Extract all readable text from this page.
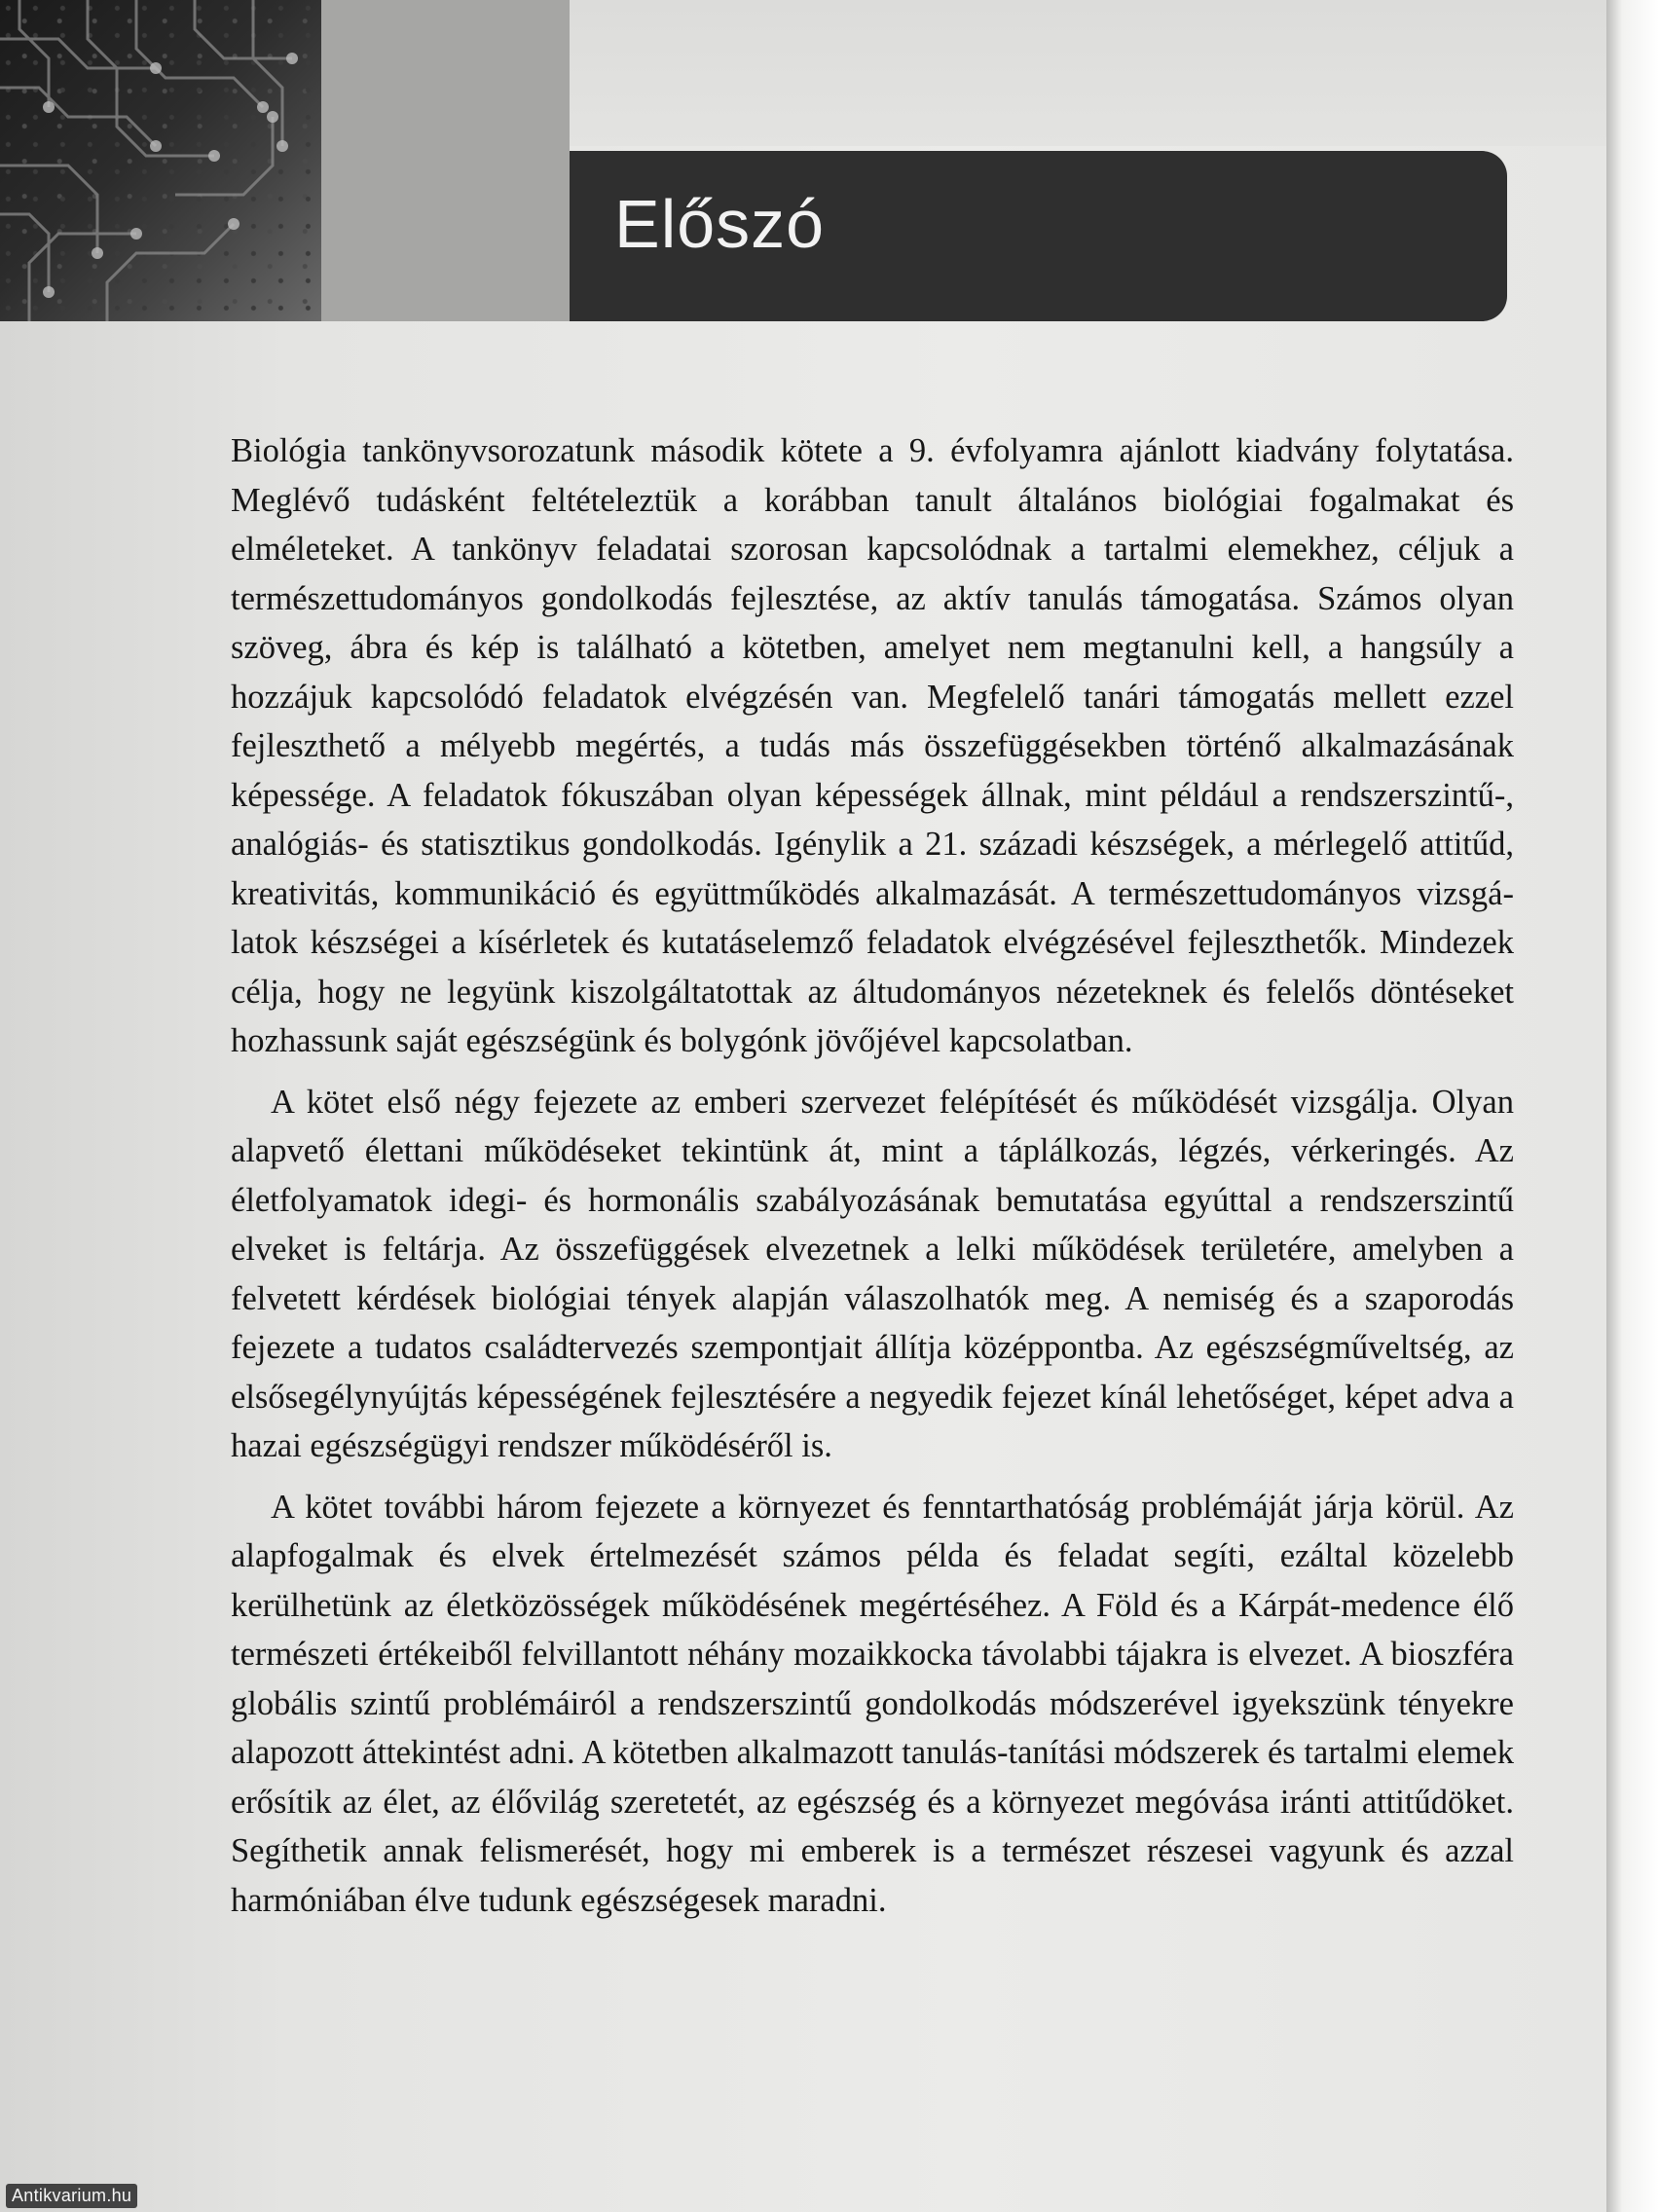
Előszó

Biológia tankönyvsorozatunk második kötete a 9. évfolyamra ajánlott kiadvány folytatása. Meglévő tudásként feltételeztük a korábban tanult általános biológiai fogalmakat és elméleteket. A tankönyv feladatai szorosan kapcsolódnak a tartalmi elemekhez, céljuk a természettudományos gondolkodás fejlesztése, az aktív tanulás támogatása. Számos olyan szöveg, ábra és kép is található a kötetben, amelyet nem megtanulni kell, a hangsúly a hozzájuk kapcsolódó feladatok elvégzésén van. Megfelelő tanári támogatás mellett ezzel fejleszthető a mélyebb megértés, a tudás más összefüggésekben történő alkalmazásának képessége. A feladatok fókuszában olyan képességek állnak, mint például a rendszerszintű-, analógiás- és statisztikus gondolkodás. Igénylik a 21. századi készségek, a mérlegelő attitűd, kreativitás, kommunikáció és együttműködés alkalmazását. A természettudományos vizsgálatok készségei a kísérletek és kutatáselemző feladatok elvégzésével fejleszthetők. Mindezek célja, hogy ne legyünk kiszolgáltatottak az áltudományos nézeteknek és felelős döntéseket hozhassunk saját egészségünk és bolygónk jövőjével kapcsolatban.

A kötet első négy fejezete az emberi szervezet felépítését és működését vizsgálja. Olyan alapvető élettani működéseket tekintünk át, mint a táplálkozás, légzés, vérkeringés. Az életfolyamatok idegi- és hormonális szabályozásának bemutatása egyúttal a rendszerszintű elveket is feltárja. Az összefüggések elvezetnek a lelki működések területére, amelyben a felvetett kérdések biológiai tények alapján válaszolhatók meg. A nemiség és a szaporodás fejezete a tudatos családtervezés szempontjait állítja középpontba. Az egészségműveltség, az elsősegélynyújtás képességének fejlesztésére a negyedik fejezet kínál lehetőséget, képet adva a hazai egészségügyi rendszer működéséről is.

A kötet további három fejezete a környezet és fenntarthatóság problémáját járja körül. Az alapfogalmak és elvek értelmezését számos példa és feladat segíti, ezáltal közelebb kerülhetünk az életközösségek működésének megértéséhez. A Föld és a Kárpát-medence élő természeti értékeiből felvillantott néhány mozaikkocka távolabbi tájakra is elvezet. A bioszféra globális szintű problémáiról a rendszerszintű gondolkodás módszerével igyekszünk tényekre alapozott áttekintést adni. A kötetben alkalmazott tanulás-tanítási módszerek és tartalmi elemek erősítik az élet, az élővilág szeretetét, az egészség és a környezet megóvása iránti attitűdöket. Segíthetik annak felismerését, hogy mi emberek is a természet részesei vagyunk és azzal harmóniában élve tudunk egészségesek maradni.

Antikvarium.hu
